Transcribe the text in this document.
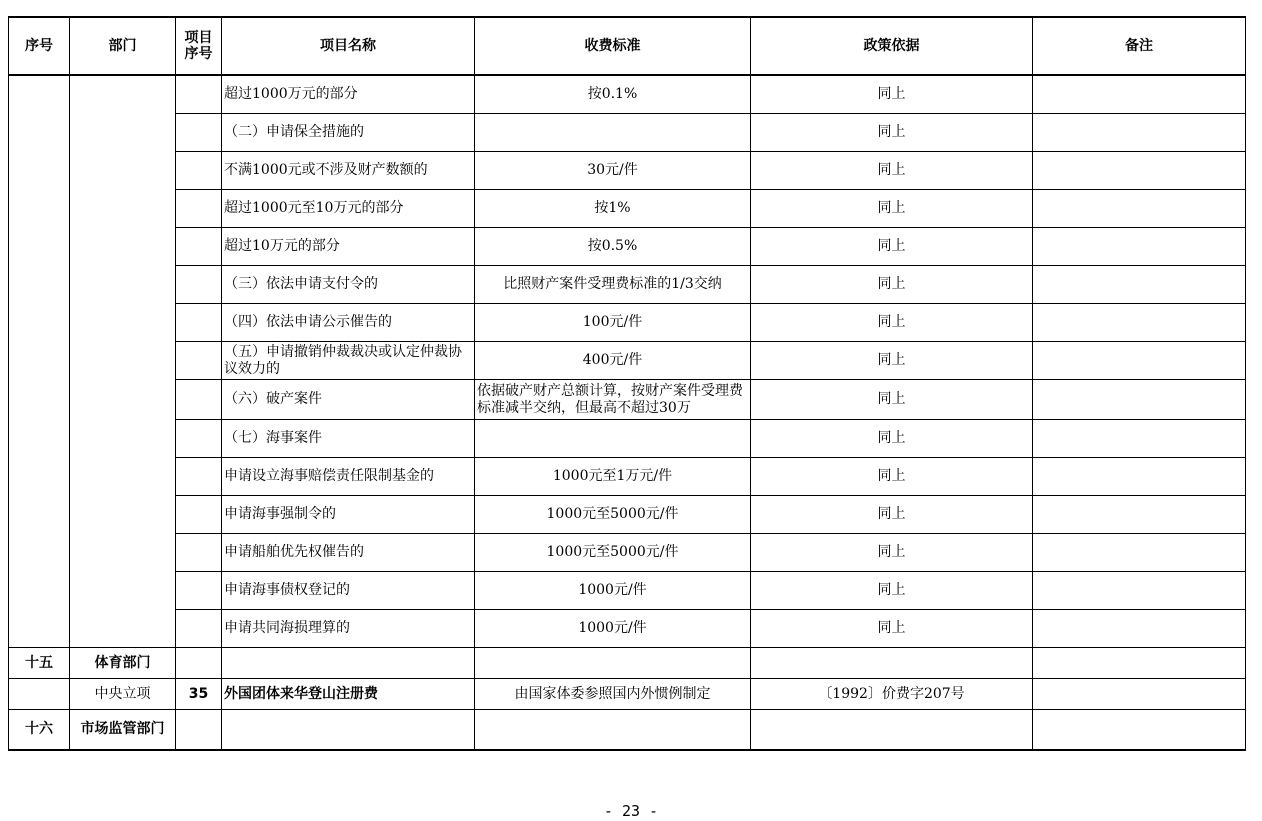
序号	部门	项目序号	项目名称	收费标准	政策依据	备注
			超过1000万元的部分	按0.1%	同上	
			（二）申请保全措施的		同上	
			不满1000元或不涉及财产数额的	30元/件	同上	
			超过1000元至10万元的部分	按1%	同上	
			超过10万元的部分	按0.5%	同上	
			（三）依法申请支付令的	比照财产案件受理费标准的1/3交纳	同上	
			（四）依法申请公示催告的	100元/件	同上	
			（五）申请撤销仲裁裁决或认定仲裁协议效力的	400元/件	同上	
			（六）破产案件	依据破产财产总额计算，按财产案件受理费标准减半交纳，但最高不超过30万	同上	
			（七）海事案件		同上	
			申请设立海事赔偿责任限制基金的	1000元至1万元/件	同上	
			申请海事强制令的	1000元至5000元/件	同上	
			申请船舶优先权催告的	1000元至5000元/件	同上	
			申请海事债权登记的	1000元/件	同上	
			申请共同海损理算的	1000元/件	同上	
十五	体育部门					
	中央立项	35	外国团体来华登山注册费	由国家体委参照国内外惯例制定	〔1992〕价费字207号	
十六	市场监管部门					
- 23 -
